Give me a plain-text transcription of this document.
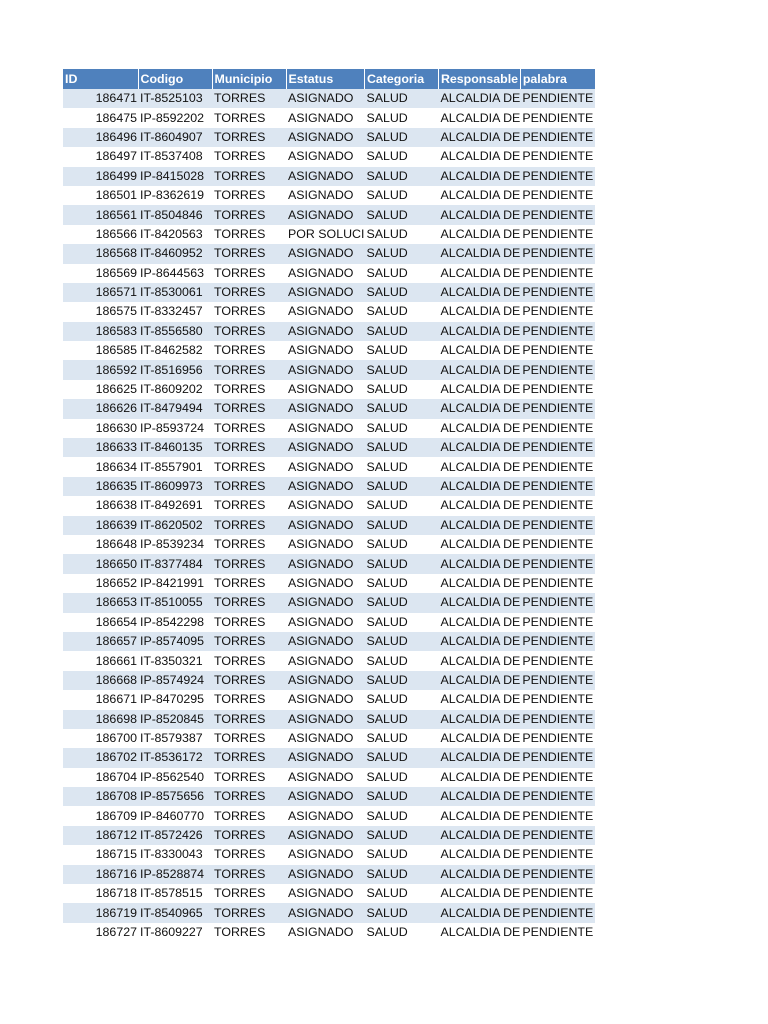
ID	Codigo	Municipio	Estatus	Categoria	Responsable	palabra
186471	IT-8525103	TORRES	ASIGNADO	SALUD	ALCALDIA DE	PENDIENTE
186475	IP-8592202	TORRES	ASIGNADO	SALUD	ALCALDIA DE	PENDIENTE
186496	IT-8604907	TORRES	ASIGNADO	SALUD	ALCALDIA DE	PENDIENTE
186497	IT-8537408	TORRES	ASIGNADO	SALUD	ALCALDIA DE	PENDIENTE
186499	IP-8415028	TORRES	ASIGNADO	SALUD	ALCALDIA DE	PENDIENTE
186501	IP-8362619	TORRES	ASIGNADO	SALUD	ALCALDIA DE	PENDIENTE
186561	IT-8504846	TORRES	ASIGNADO	SALUD	ALCALDIA DE	PENDIENTE
186566	IT-8420563	TORRES	POR SOLUCI	SALUD	ALCALDIA DE	PENDIENTE
186568	IT-8460952	TORRES	ASIGNADO	SALUD	ALCALDIA DE	PENDIENTE
186569	IP-8644563	TORRES	ASIGNADO	SALUD	ALCALDIA DE	PENDIENTE
186571	IT-8530061	TORRES	ASIGNADO	SALUD	ALCALDIA DE	PENDIENTE
186575	IT-8332457	TORRES	ASIGNADO	SALUD	ALCALDIA DE	PENDIENTE
186583	IT-8556580	TORRES	ASIGNADO	SALUD	ALCALDIA DE	PENDIENTE
186585	IT-8462582	TORRES	ASIGNADO	SALUD	ALCALDIA DE	PENDIENTE
186592	IT-8516956	TORRES	ASIGNADO	SALUD	ALCALDIA DE	PENDIENTE
186625	IT-8609202	TORRES	ASIGNADO	SALUD	ALCALDIA DE	PENDIENTE
186626	IT-8479494	TORRES	ASIGNADO	SALUD	ALCALDIA DE	PENDIENTE
186630	IP-8593724	TORRES	ASIGNADO	SALUD	ALCALDIA DE	PENDIENTE
186633	IT-8460135	TORRES	ASIGNADO	SALUD	ALCALDIA DE	PENDIENTE
186634	IT-8557901	TORRES	ASIGNADO	SALUD	ALCALDIA DE	PENDIENTE
186635	IT-8609973	TORRES	ASIGNADO	SALUD	ALCALDIA DE	PENDIENTE
186638	IT-8492691	TORRES	ASIGNADO	SALUD	ALCALDIA DE	PENDIENTE
186639	IT-8620502	TORRES	ASIGNADO	SALUD	ALCALDIA DE	PENDIENTE
186648	IP-8539234	TORRES	ASIGNADO	SALUD	ALCALDIA DE	PENDIENTE
186650	IT-8377484	TORRES	ASIGNADO	SALUD	ALCALDIA DE	PENDIENTE
186652	IP-8421991	TORRES	ASIGNADO	SALUD	ALCALDIA DE	PENDIENTE
186653	IT-8510055	TORRES	ASIGNADO	SALUD	ALCALDIA DE	PENDIENTE
186654	IP-8542298	TORRES	ASIGNADO	SALUD	ALCALDIA DE	PENDIENTE
186657	IP-8574095	TORRES	ASIGNADO	SALUD	ALCALDIA DE	PENDIENTE
186661	IT-8350321	TORRES	ASIGNADO	SALUD	ALCALDIA DE	PENDIENTE
186668	IP-8574924	TORRES	ASIGNADO	SALUD	ALCALDIA DE	PENDIENTE
186671	IP-8470295	TORRES	ASIGNADO	SALUD	ALCALDIA DE	PENDIENTE
186698	IP-8520845	TORRES	ASIGNADO	SALUD	ALCALDIA DE	PENDIENTE
186700	IT-8579387	TORRES	ASIGNADO	SALUD	ALCALDIA DE	PENDIENTE
186702	IT-8536172	TORRES	ASIGNADO	SALUD	ALCALDIA DE	PENDIENTE
186704	IP-8562540	TORRES	ASIGNADO	SALUD	ALCALDIA DE	PENDIENTE
186708	IP-8575656	TORRES	ASIGNADO	SALUD	ALCALDIA DE	PENDIENTE
186709	IP-8460770	TORRES	ASIGNADO	SALUD	ALCALDIA DE	PENDIENTE
186712	IT-8572426	TORRES	ASIGNADO	SALUD	ALCALDIA DE	PENDIENTE
186715	IT-8330043	TORRES	ASIGNADO	SALUD	ALCALDIA DE	PENDIENTE
186716	IP-8528874	TORRES	ASIGNADO	SALUD	ALCALDIA DE	PENDIENTE
186718	IT-8578515	TORRES	ASIGNADO	SALUD	ALCALDIA DE	PENDIENTE
186719	IT-8540965	TORRES	ASIGNADO	SALUD	ALCALDIA DE	PENDIENTE
186727	IT-8609227	TORRES	ASIGNADO	SALUD	ALCALDIA DE	PENDIENTE
